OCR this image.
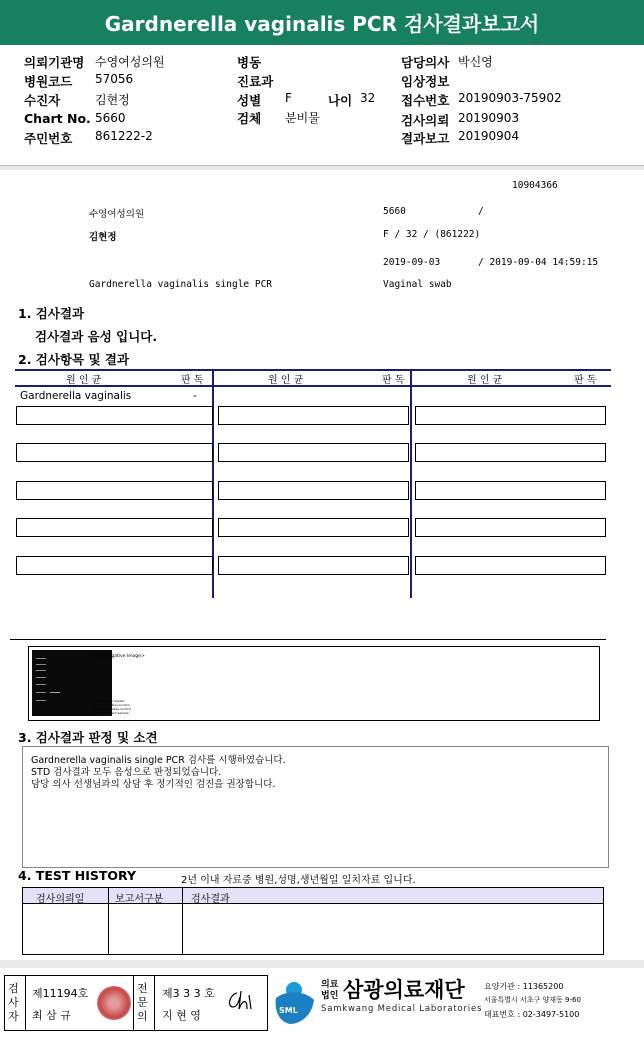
Gardnerella vaginalis PCR 검사결과보고서
의뢰기관명 수영여성의원
병원코드 57056
수진자	김현정
Chart No. 5660
주민번호 861222-2
병동
진료과
성별 F	나이 32
검체 분비물
담당의사 박신영
임상정보
접수번호 20190903-75902
검사의뢰 20190903
결과보고 20190904
10904366
수영여성의원	5660	/
김현정	F / 32 / (861222)
2019-09-03	/ 2019-09-04 14:59:15
Gardnerella vaginalis single PCR	Vaginal swab
1. 검사결과
검사결과 음성 입니다.
2. 검사항목 및 결과
원 인 균	판 독	원 인 균	판 독	원 인 균	판 독
Gardnerella vaginalis	-
<STD Negative Image>
Lane M : Size marker
Lane N : Positive Control
Lane P : Negative Control
Lane S : Patient Sample
3. 검사결과 판정 및 소견
Gardnerella vaginalis single PCR 검사를 시행하였습니다.
STD 검사결과 모두 음성으로 판정되었습니다.
담당 의사 선생님과의 상담 후 정기적인 검진을 권장합니다.
4. TEST HISTORY	2년 이내 자료중 병원,성명,생년월일 일치자료 입니다.
검사의뢰일	보고서구분	검사결과
검사자
제11194호
최 삼 규
전문의
제3 3 3 호
지 현 영	SML
의료
법인 삼광의료재단
Samkwang Medical Laboratories
요양기관 : 11365200
서울특별시 서초구 양재동 9-60
대표번호 : 02-3497-5100
